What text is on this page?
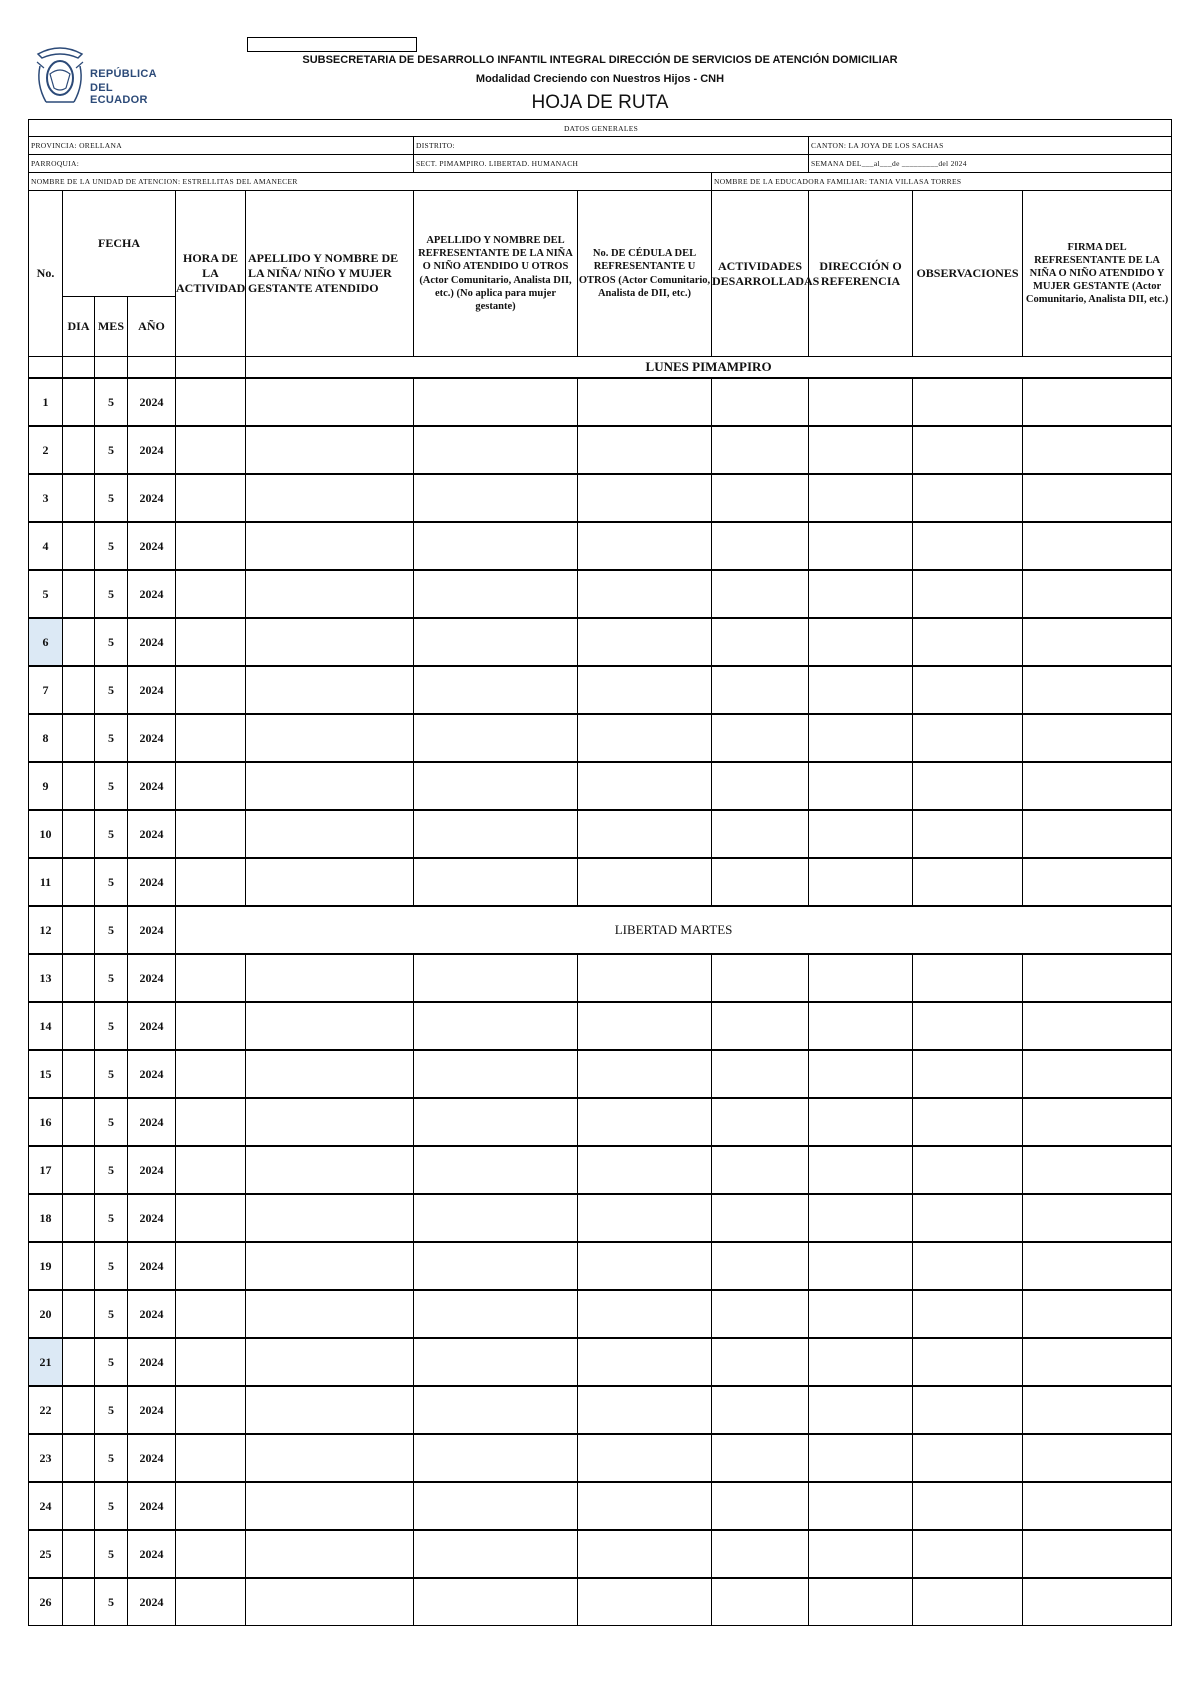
REPÚBLICA
DEL ECUADOR
SUBSECRETARIA DE DESARROLLO INFANTIL INTEGRAL DIRECCIÓN DE SERVICIOS DE ATENCIÓN DOMICILIAR
Modalidad Creciendo con Nuestros Hijos - CNH
HOJA DE RUTA
DATOS GENERALES											
PROVINCIA: ORELLANA						DISTRITO:			CANTON: LA JOYA DE LOS SACHAS		
PARROQUIA:						SECT. PIMAMPIRO. LIBERTAD. HUMANACH			SEMANA DEL___al___de _________del 2024		
NOMBRE DE LA UNIDAD DE ATENCION: ESTRELLITAS DEL AMANECER								NOMBRE DE LA EDUCADORA FAMILIAR: TANIA VILLASA TORRES			
No.	FECHA			HORA DE LA ACTIVIDAD	APELLIDO Y NOMBRE DE LA NIÑA/ NIÑO Y MUJER GESTANTE ATENDIDO	APELLIDO Y NOMBRE DEL REFRESENTANTE DE LA NIÑA O NIÑO ATENDIDO U OTROS (Actor Comunitario, Analista DII, etc.) (No aplica para mujer gestante)	No. DE CÉDULA DEL REFRESENTANTE U OTROS (Actor Comunitario, Analista de DII, etc.)	ACTIVIDADES DESARROLLADAS	DIRECCIÓN O REFERENCIA	OBSERVACIONES	FIRMA DEL REFRESENTANTE DE LA NIÑA O NIÑO ATENDIDO Y MUJER GESTANTE (Actor Comunitario, Analista DII, etc.)
	DIA	MES	AÑO								
					LUNES PIMAMPIRO						
1		5	2024								
2		5	2024								
3		5	2024								
4		5	2024								
5		5	2024								
6		5	2024								
7		5	2024								
8		5	2024								
9		5	2024								
10		5	2024								
11		5	2024								
12		5	2024	LIBERTAD MARTES							
13		5	2024								
14		5	2024								
15		5	2024								
16		5	2024								
17		5	2024								
18		5	2024								
19		5	2024								
20		5	2024								
21		5	2024								
22		5	2024								
23		5	2024								
24		5	2024								
25		5	2024								
26		5	2024								
